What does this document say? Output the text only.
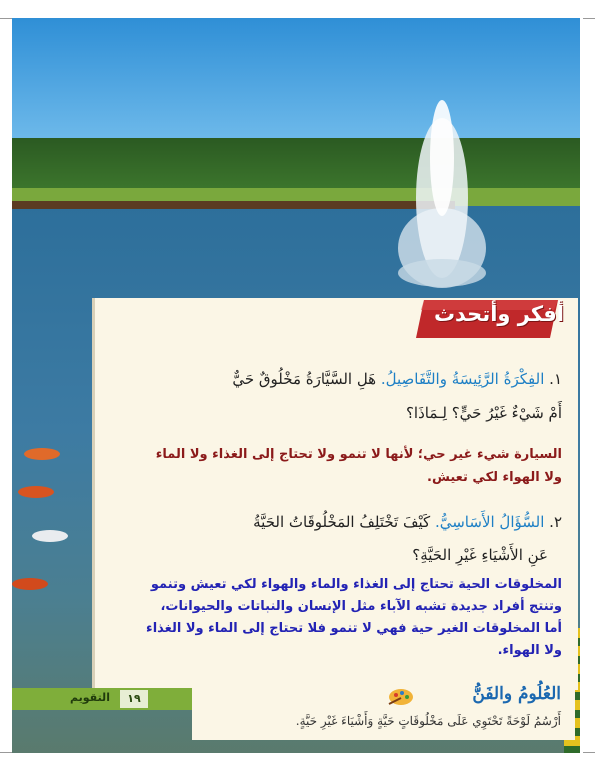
أفكر وأتحدث
١. الفِكْرَةُ الرَّئِيسَةُ والتَّفَاصِيلُ. هَلِ السَّيَّارَةُ مَخْلُوقٌ حَيٌّ
أَمْ شَيْءٌ غَيْرُ حَيٍّ؟ لِـمَاذَا؟
السيارة شيء غير حي؛ لأنها لا تنمو ولا تحتاج إلى الغذاء ولا الماء
ولا الهواء لكي تعيش.
٢. السُّؤَالُ الأَسَاسِيُّ. كَيْفَ تَخْتَلِفُ المَخْلُوقَاتُ الحَيَّةُ
عَنِ الأَشْيَاءِ غَيْرِ الحَيَّةِ؟
المخلوقات الحية تحتاج إلى الغذاء والماء والهواء لكي تعيش وتنمو
وتنتج أفراد جديدة تشبه الآباء مثل الإنسان والنباتات والحيوانات،
أما المخلوقات الغير حية فهي لا تنمو فلا تحتاج إلى الماء ولا الغذاء
ولا الهواء.
التقويم	١٩	العُلُومُ والفَنُّ
أَرْسُمُ لَوْحَةً تَحْتَوِي عَلَى مَخْلُوقَاتٍ حَيَّةٍ وَأَشْيَاءَ غَيْرِ حَيَّةٍ.
